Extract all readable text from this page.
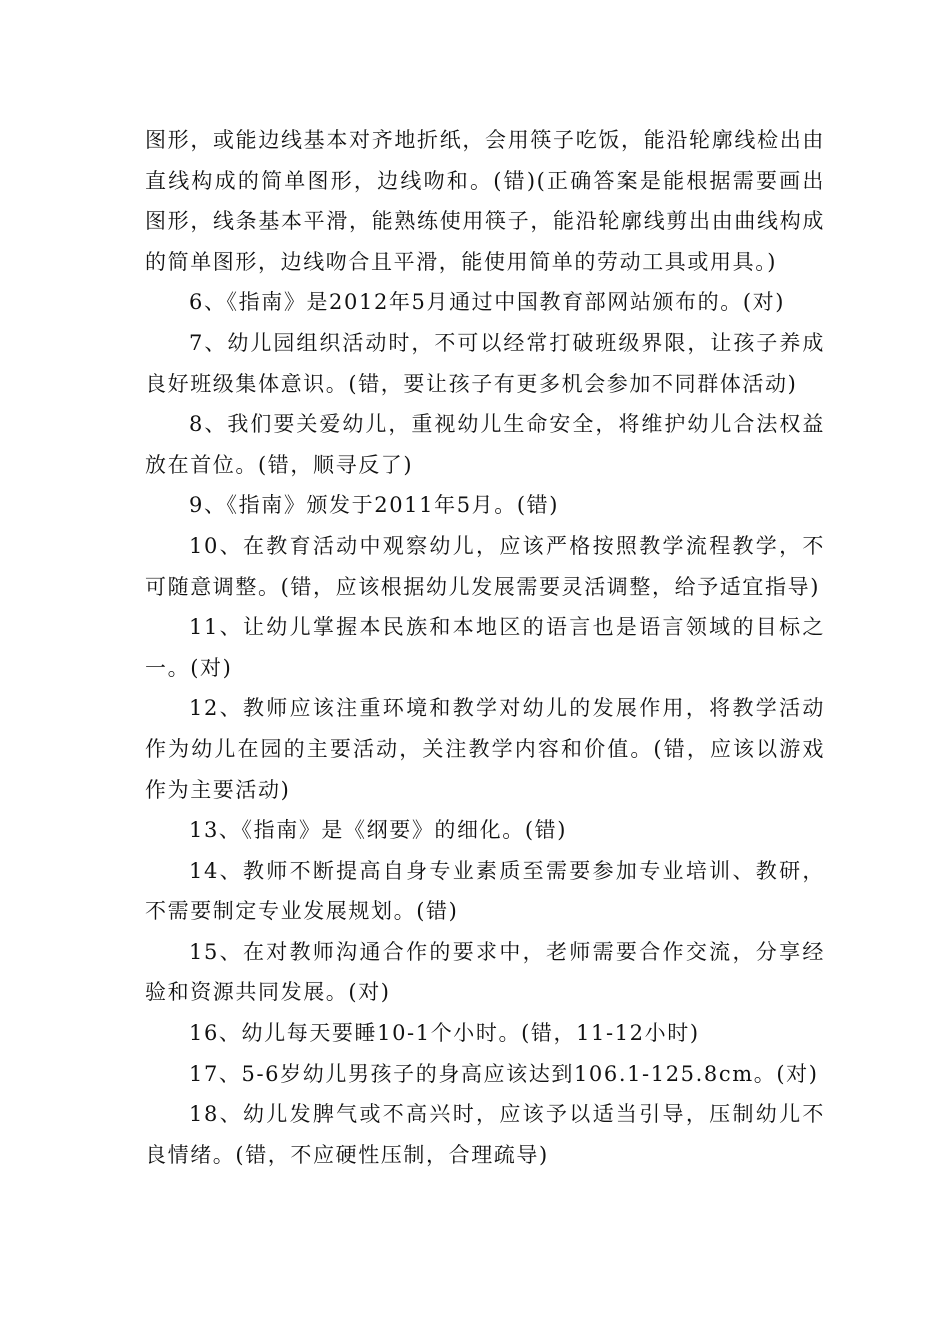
图形，或能边线基本对齐地折纸，会用筷子吃饭，能沿轮廓线检出由直线构成的简单图形，边线吻和。(错)(正确答案是能根据需要画出图形，线条基本平滑，能熟练使用筷子，能沿轮廓线剪出由曲线构成的简单图形，边线吻合且平滑，能使用简单的劳动工具或用具。)

6、《指南》是2012年5月通过中国教育部网站颁布的。(对)

7、幼儿园组织活动时，不可以经常打破班级界限，让孩子养成良好班级集体意识。(错，要让孩子有更多机会参加不同群体活动)

8、我们要关爱幼儿，重视幼儿生命安全，将维护幼儿合法权益放在首位。(错，顺寻反了)

9、《指南》颁发于2011年5月。(错)

10、在教育活动中观察幼儿，应该严格按照教学流程教学，不可随意调整。(错，应该根据幼儿发展需要灵活调整，给予适宜指导)

11、让幼儿掌握本民族和本地区的语言也是语言领域的目标之一。(对)

12、教师应该注重环境和教学对幼儿的发展作用，将教学活动作为幼儿在园的主要活动，关注教学内容和价值。(错，应该以游戏作为主要活动)

13、《指南》是《纲要》的细化。(错)

14、教师不断提高自身专业素质至需要参加专业培训、教研，不需要制定专业发展规划。(错)

15、在对教师沟通合作的要求中，老师需要合作交流，分享经验和资源共同发展。(对)

16、幼儿每天要睡10-1个小时。(错，11-12小时)

17、5-6岁幼儿男孩子的身高应该达到106.1-125.8cm。(对)

18、幼儿发脾气或不高兴时，应该予以适当引导，压制幼儿不良情绪。(错，不应硬性压制，合理疏导)
